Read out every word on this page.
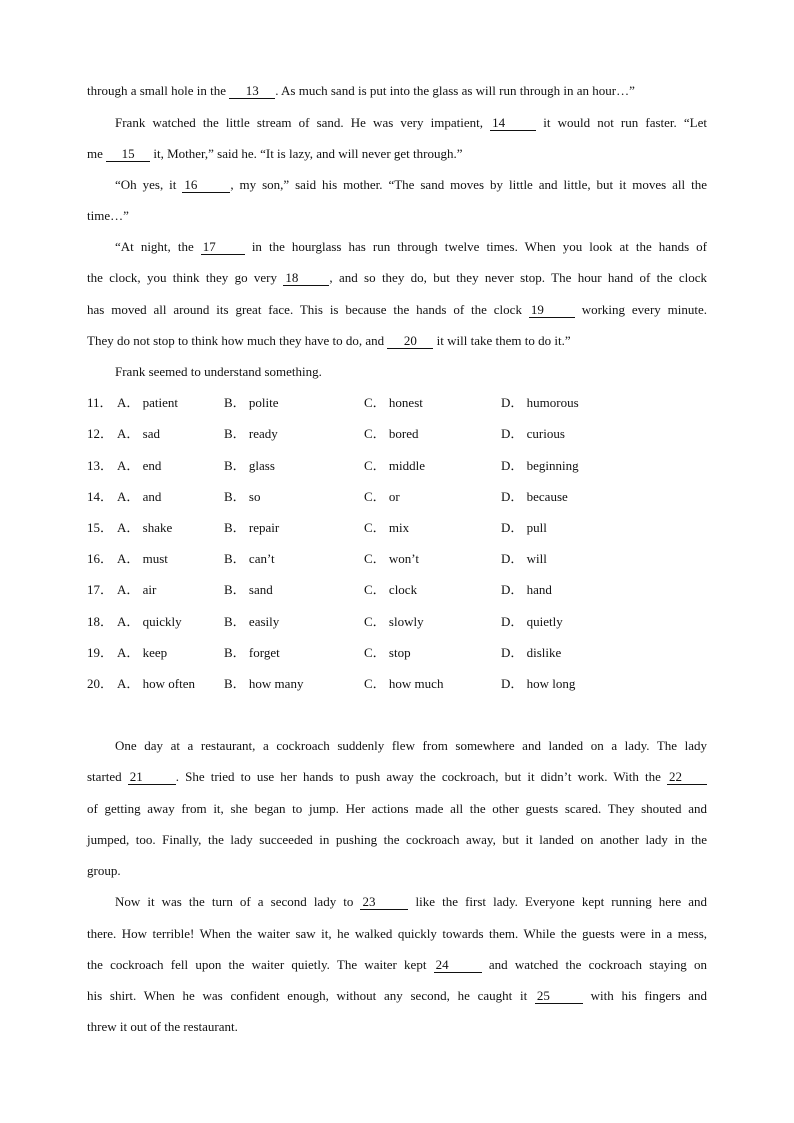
through a small hole in the 13 . As much sand is put into the glass as will run through in an hour…”
Frank watched the little stream of sand. He was very impatient, 14	it would not run faster. “Let
me 15 it, Mother,” said he. “It is lazy, and will never get through.”
“Oh yes, it 16	, my son,” said his mother. “The sand moves by little and little, but it moves all the
time…”
“At night, the 17	in the hourglass has run through twelve times. When you look at the hands of
the clock, you think they go very 18 , and so they do, but they never stop. The hour hand of the clock
has moved all around its great face. This is because the hands of the clock 19	working every minute.
They do not stop to think how much they have to do, and 20 it will take them to do it.”
Frank seemed to understand something.
11． A． patient	B． polite	C． honest	D． humorous
12． A． sad	B． ready	C． bored	D． curious
13． A． end	B． glass	C． middle	D． beginning
14． A． and	B． so	C． or	D． because
15． A． shake	B． repair	C． mix	D． pull
16． A． must	B． can’t	C． won’t	D． will
17． A． air	B． sand	C． clock	D． hand
18． A． quickly	B． easily	C． slowly	D． quietly
19． A． keep	B． forget	C． stop	D． dislike
20． A． how often B． how many	C． how much	D． how long
One day at a restaurant, a cockroach suddenly flew from somewhere and landed on a lady. The lady
started 21	. She tried to use her hands to push away the cockroach, but it didn’t work. With the 22
of getting away from it, she began to jump. Her actions made all the other guests scared. They shouted and
jumped, too. Finally, the lady succeeded in pushing the cockroach away, but it landed on another lady in the
group.
Now it was the turn of a second lady to 23	like the first lady. Everyone kept running here and
there. How terrible! When the waiter saw it, he walked quickly towards them. While the guests were in a mess,
the cockroach fell upon the waiter quietly. The waiter kept 24	and watched the cockroach staying on
his shirt. When he was confident enough, without any second, he caught it 25	with his fingers and
threw it out of the restaurant.
